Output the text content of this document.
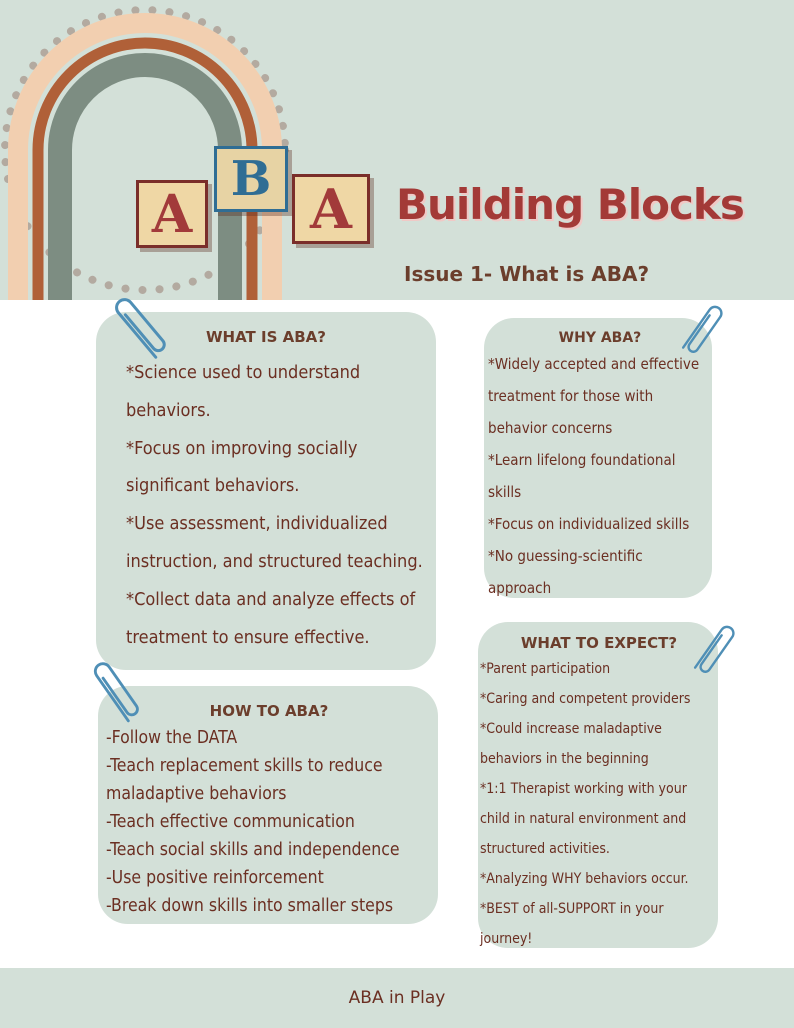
A
B A	Building Blocks
Issue 1- What is ABA?
WHAT IS ABA?
*Science used to understand
behaviors.
*Focus on improving socially
significant behaviors.
*Use assessment, individualized
instruction, and structured teaching.
*Collect data and analyze effects of
treatment to ensure effective.
WHY ABA?
*Widely accepted and effective
treatment for those with
behavior concerns
*Learn lifelong foundational
skills
*Focus on individualized skills
*No guessing-scientific
approach
HOW TO ABA?
-Follow the DATA
-Teach replacement skills to reduce
maladaptive behaviors
-Teach effective communication
-Teach social skills and independence
-Use positive reinforcement
-Break down skills into smaller steps
WHAT TO EXPECT?
*Parent participation
*Caring and competent providers
*Could increase maladaptive
behaviors in the beginning
*1:1 Therapist working with your
child in natural environment and
structured activities.
*Analyzing WHY behaviors occur.
*BEST of all-SUPPORT in your
journey!
ABA in Play
